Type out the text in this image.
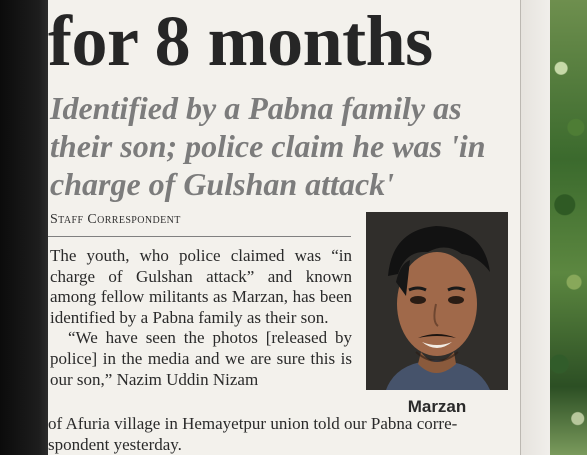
for 8 months
Identified by a Pabna family as their son; police claim he was 'in charge of Gulshan attack'
Staff Correspondent

The youth, who police claimed was “in charge of Gulshan attack” and known among fellow militants as Marzan, has been identified by a Pabna family as their son.

“We have seen the photos [released by police] in the media and we are sure this is our son,” Nazim Uddin Nizam

of Afuria village in Hemayetpur union told our Pabna corre-

spondent yesterday.

Marzan
